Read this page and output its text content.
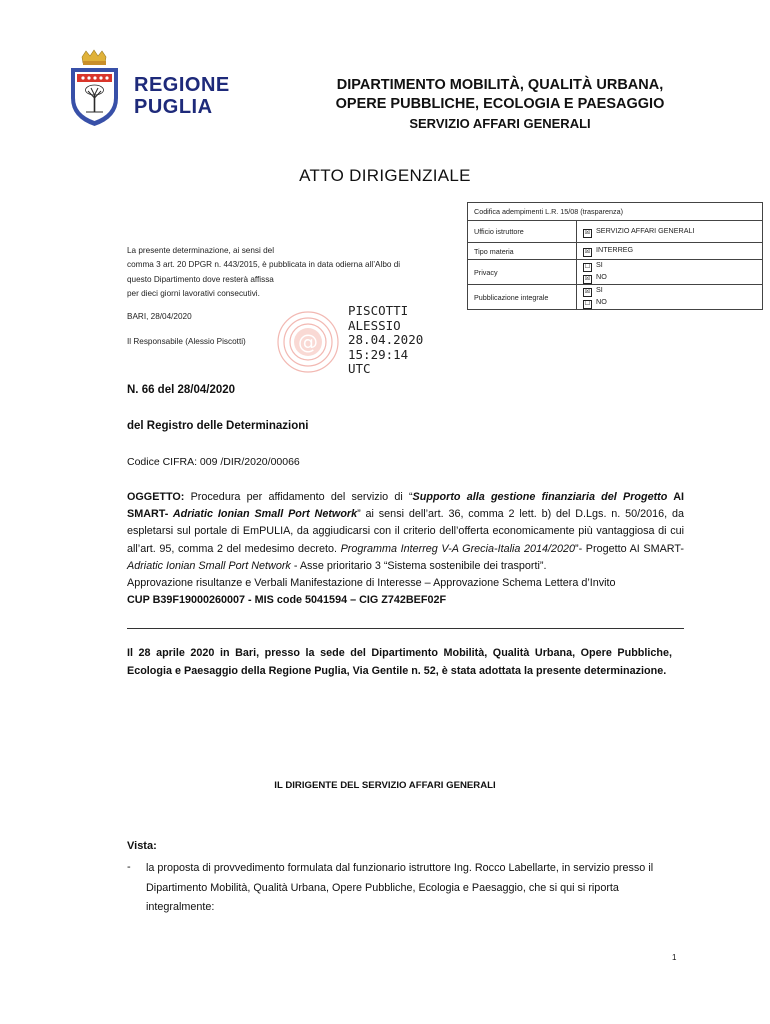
REGIONE
PUGLIA
DIPARTIMENTO MOBILITÀ, QUALITÀ URBANA,
OPERE PUBBLICHE, ECOLOGIA E PAESAGGIO
SERVIZIO AFFARI GENERALI
ATTO DIRIGENZIALE
Codifica adempimenti L.R. 15/08 (trasparenza)	
Ufficio istruttore	☒ SERVIZIO AFFARI GENERALI
Tipo materia	☒ INTERREG
Privacy	☐ SI
☒ NO

Pubblicazione integrale	☒ SI
☐ NO
La presente determinazione, ai sensi del
comma 3 art. 20 DPGR n. 443/2015, è pubblicata in data odierna all’Albo di
questo Dipartimento dove resterà affissa
per dieci giorni lavorativi consecutivi.
BARI, 28/04/2020
Il Responsabile (Alessio Piscotti)	@
PISCOTTI
ALESSIO
28.04.2020
15:29:14
UTC
N. 66 del 28/04/2020
del Registro delle Determinazioni
Codice CIFRA: 009 /DIR/2020/00066
OGGETTO: Procedura per affidamento del servizio di “Supporto alla gestione finanziaria del Progetto AI SMART- Adriatic Ionian Small Port Network” ai sensi dell’art. 36, comma 2 lett. b) del D.Lgs. n. 50/2016, da espletarsi sul portale di EmPULIA, da aggiudicarsi con il criterio dell’offerta economicamente più vantaggiosa di cui all’art. 95, comma 2 del medesimo decreto. Programma Interreg V-A Grecia-Italia 2014/2020”- Progetto AI SMART- Adriatic Ionian Small Port Network - Asse prioritario 3 “Sistema sostenibile dei trasporti”.
Approvazione risultanze e Verbali Manifestazione di Interesse – Approvazione Schema Lettera d’Invito
CUP B39F19000260007 - MIS code 5041594 – CIG Z742BEF02F
Il 28 aprile 2020 in Bari, presso la sede del Dipartimento Mobilità, Qualità Urbana, Opere Pubbliche, Ecologia e Paesaggio della Regione Puglia, Via Gentile n. 52, è stata adottata la presente determinazione.
IL DIRIGENTE DEL SERVIZIO AFFARI GENERALI
Vista:
- la proposta di provvedimento formulata dal funzionario istruttore Ing. Rocco Labellarte, in servizio presso il Dipartimento Mobilità, Qualità Urbana, Opere Pubbliche, Ecologia e Paesaggio, che si qui si riporta integralmente:
1
